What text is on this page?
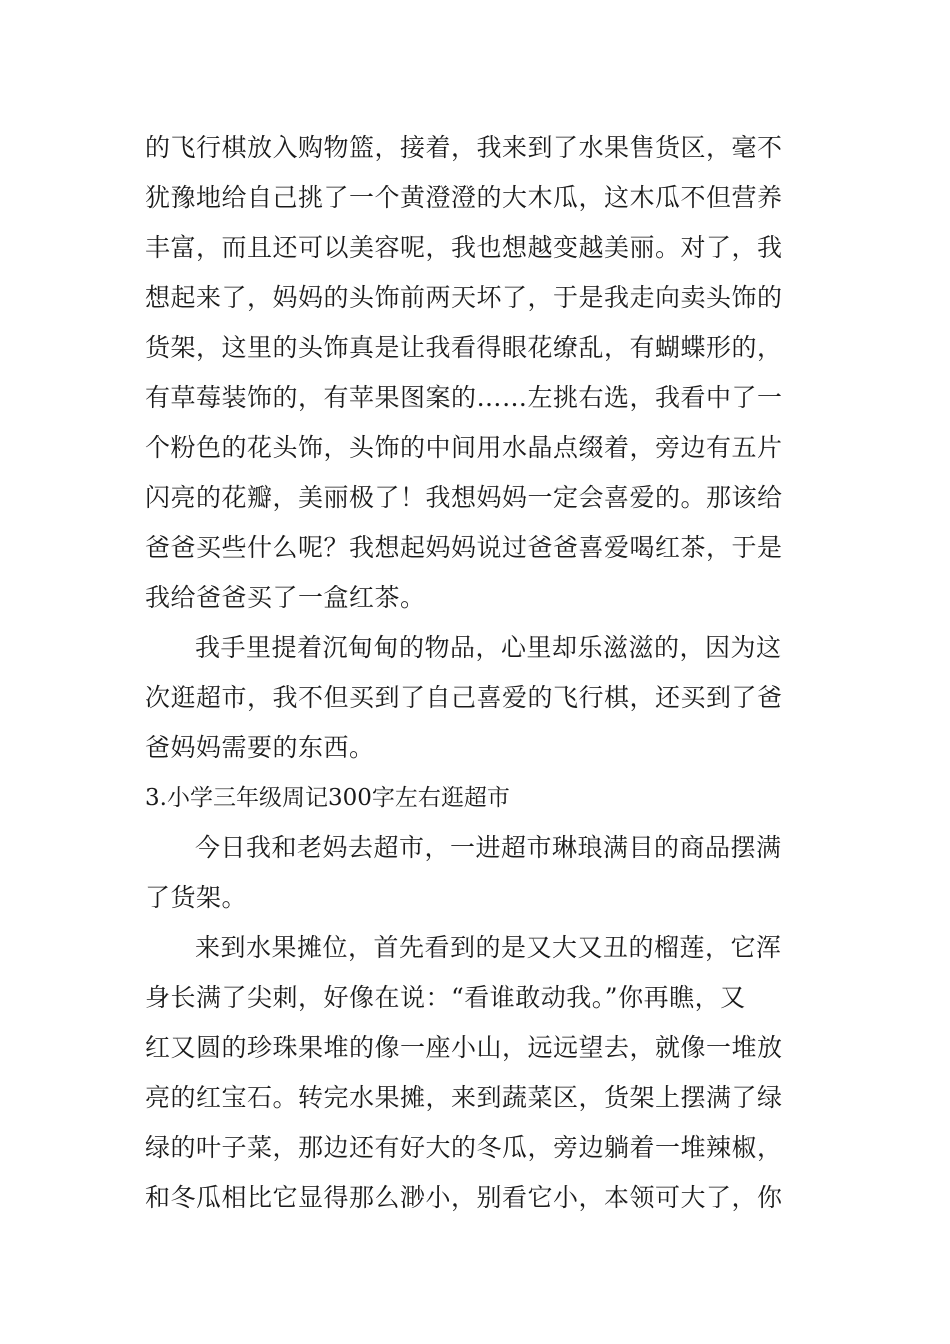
的飞行棋放入购物篮，接着，我来到了水果售货区，毫不
犹豫地给自己挑了一个黄澄澄的大木瓜，这木瓜不但营养
丰富，而且还可以美容呢，我也想越变越美丽。对了，我
想起来了，妈妈的头饰前两天坏了，于是我走向卖头饰的
货架，这里的头饰真是让我看得眼花缭乱，有蝴蝶形的，
有草莓装饰的，有苹果图案的……左挑右选，我看中了一
个粉色的花头饰，头饰的中间用水晶点缀着，旁边有五片
闪亮的花瓣，美丽极了！我想妈妈一定会喜爱的。那该给
爸爸买些什么呢？我想起妈妈说过爸爸喜爱喝红茶，于是
我给爸爸买了一盒红茶。
我手里提着沉甸甸的物品，心里却乐滋滋的，因为这
次逛超市，我不但买到了自己喜爱的飞行棋，还买到了爸
爸妈妈需要的东西。
3.小学三年级周记300字左右逛超市
今日我和老妈去超市，一进超市琳琅满目的商品摆满
了货架。
来到水果摊位，首先看到的是又大又丑的榴莲，它浑
身长满了尖刺，好像在说：“看谁敢动我。”你再瞧，又
红又圆的珍珠果堆的像一座小山，远远望去，就像一堆放
亮的红宝石。转完水果摊，来到蔬菜区，货架上摆满了绿
绿的叶子菜，那边还有好大的冬瓜，旁边躺着一堆辣椒，
和冬瓜相比它显得那么渺小，别看它小，本领可大了，你
